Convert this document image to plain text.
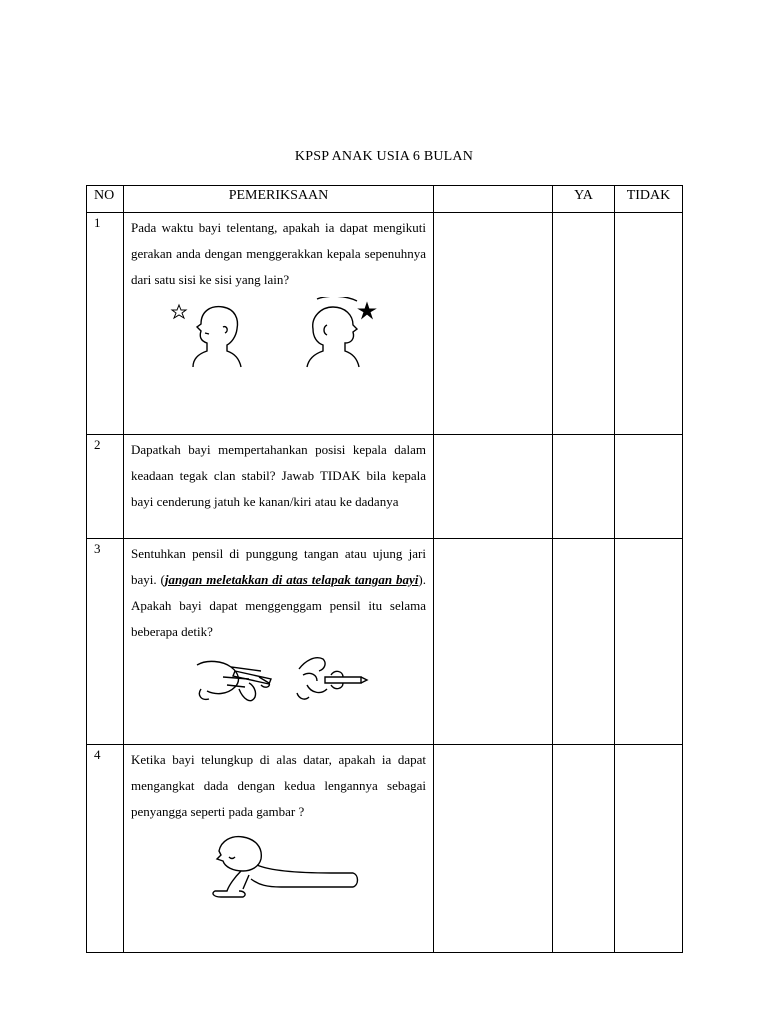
KPSP ANAK USIA 6 BULAN
NO	PEMERIKSAAN		YA	TIDAK
1	Pada waktu bayi telentang, apakah ia dapat mengikuti gerakan anda dengan menggerakkan kepala sepenuhnya dari satu sisi ke sisi yang lain?			

2	Dapatkah bayi mempertahankan posisi kepala dalam keadaan tegak clan stabil? Jawab TIDAK bila kepala bayi cenderung jatuh ke kanan/kiri atau ke dadanya			

3	Sentuhkan pensil di punggung tangan atau ujung jari bayi. (jangan meletakkan di atas telapak tangan bayi). Apakah bayi dapat menggenggam pensil itu selama beberapa detik?			

4	Ketika bayi telungkup di alas datar, apakah ia dapat mengangkat dada dengan kedua lengannya sebagai penyangga seperti pada gambar ?			
